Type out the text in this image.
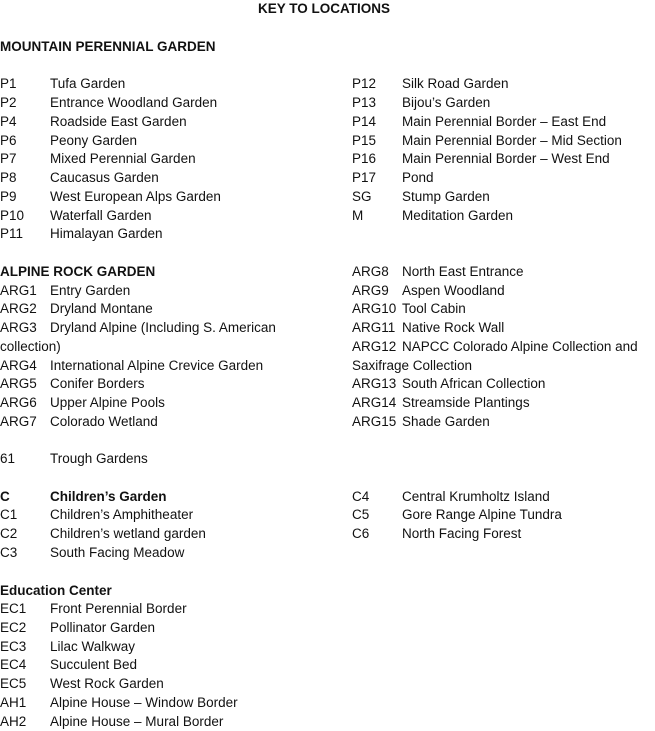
KEY TO LOCATIONS
MOUNTAIN PERENNIAL GARDEN
P1 Tufa Garden
P2 Entrance Woodland Garden
P4 Roadside East Garden
P6 Peony Garden
P7 Mixed Perennial Garden
P8 Caucasus Garden
P9 West European Alps Garden
P10 Waterfall Garden
P11 Himalayan Garden
P12 Silk Road Garden
P13 Bijou’s Garden
P14 Main Perennial Border – East End
P15 Main Perennial Border – Mid Section
P16 Main Perennial Border – West End
P17 Pond
SG Stump Garden
M	Meditation Garden
ALPINE ROCK GARDEN
ARG1 Entry Garden
ARG2 Dryland Montane
ARG3 Dryland Alpine (Including S. American
collection)
ARG4 International Alpine Crevice Garden
ARG5 Conifer Borders
ARG6 Upper Alpine Pools
ARG7 Colorado Wetland
ARG8 North East Entrance
ARG9 Aspen Woodland
ARG10 Tool Cabin
ARG11 Native Rock Wall
ARG12 NAPCC Colorado Alpine Collection and
Saxifrage Collection
ARG13 South African Collection
ARG14 Streamside Plantings
ARG15 Shade Garden
61	Trough Gardens
C	Children’s Garden
C1 Children’s Amphitheater
C2 Children’s wetland garden
C3 South Facing Meadow
C4 Central Krumholtz Island
C5 Gore Range Alpine Tundra
C6 North Facing Forest
Education Center
EC1 Front Perennial Border
EC2 Pollinator Garden
EC3 Lilac Walkway
EC4 Succulent Bed
EC5 West Rock Garden
AH1 Alpine House – Window Border
AH2 Alpine House – Mural Border
